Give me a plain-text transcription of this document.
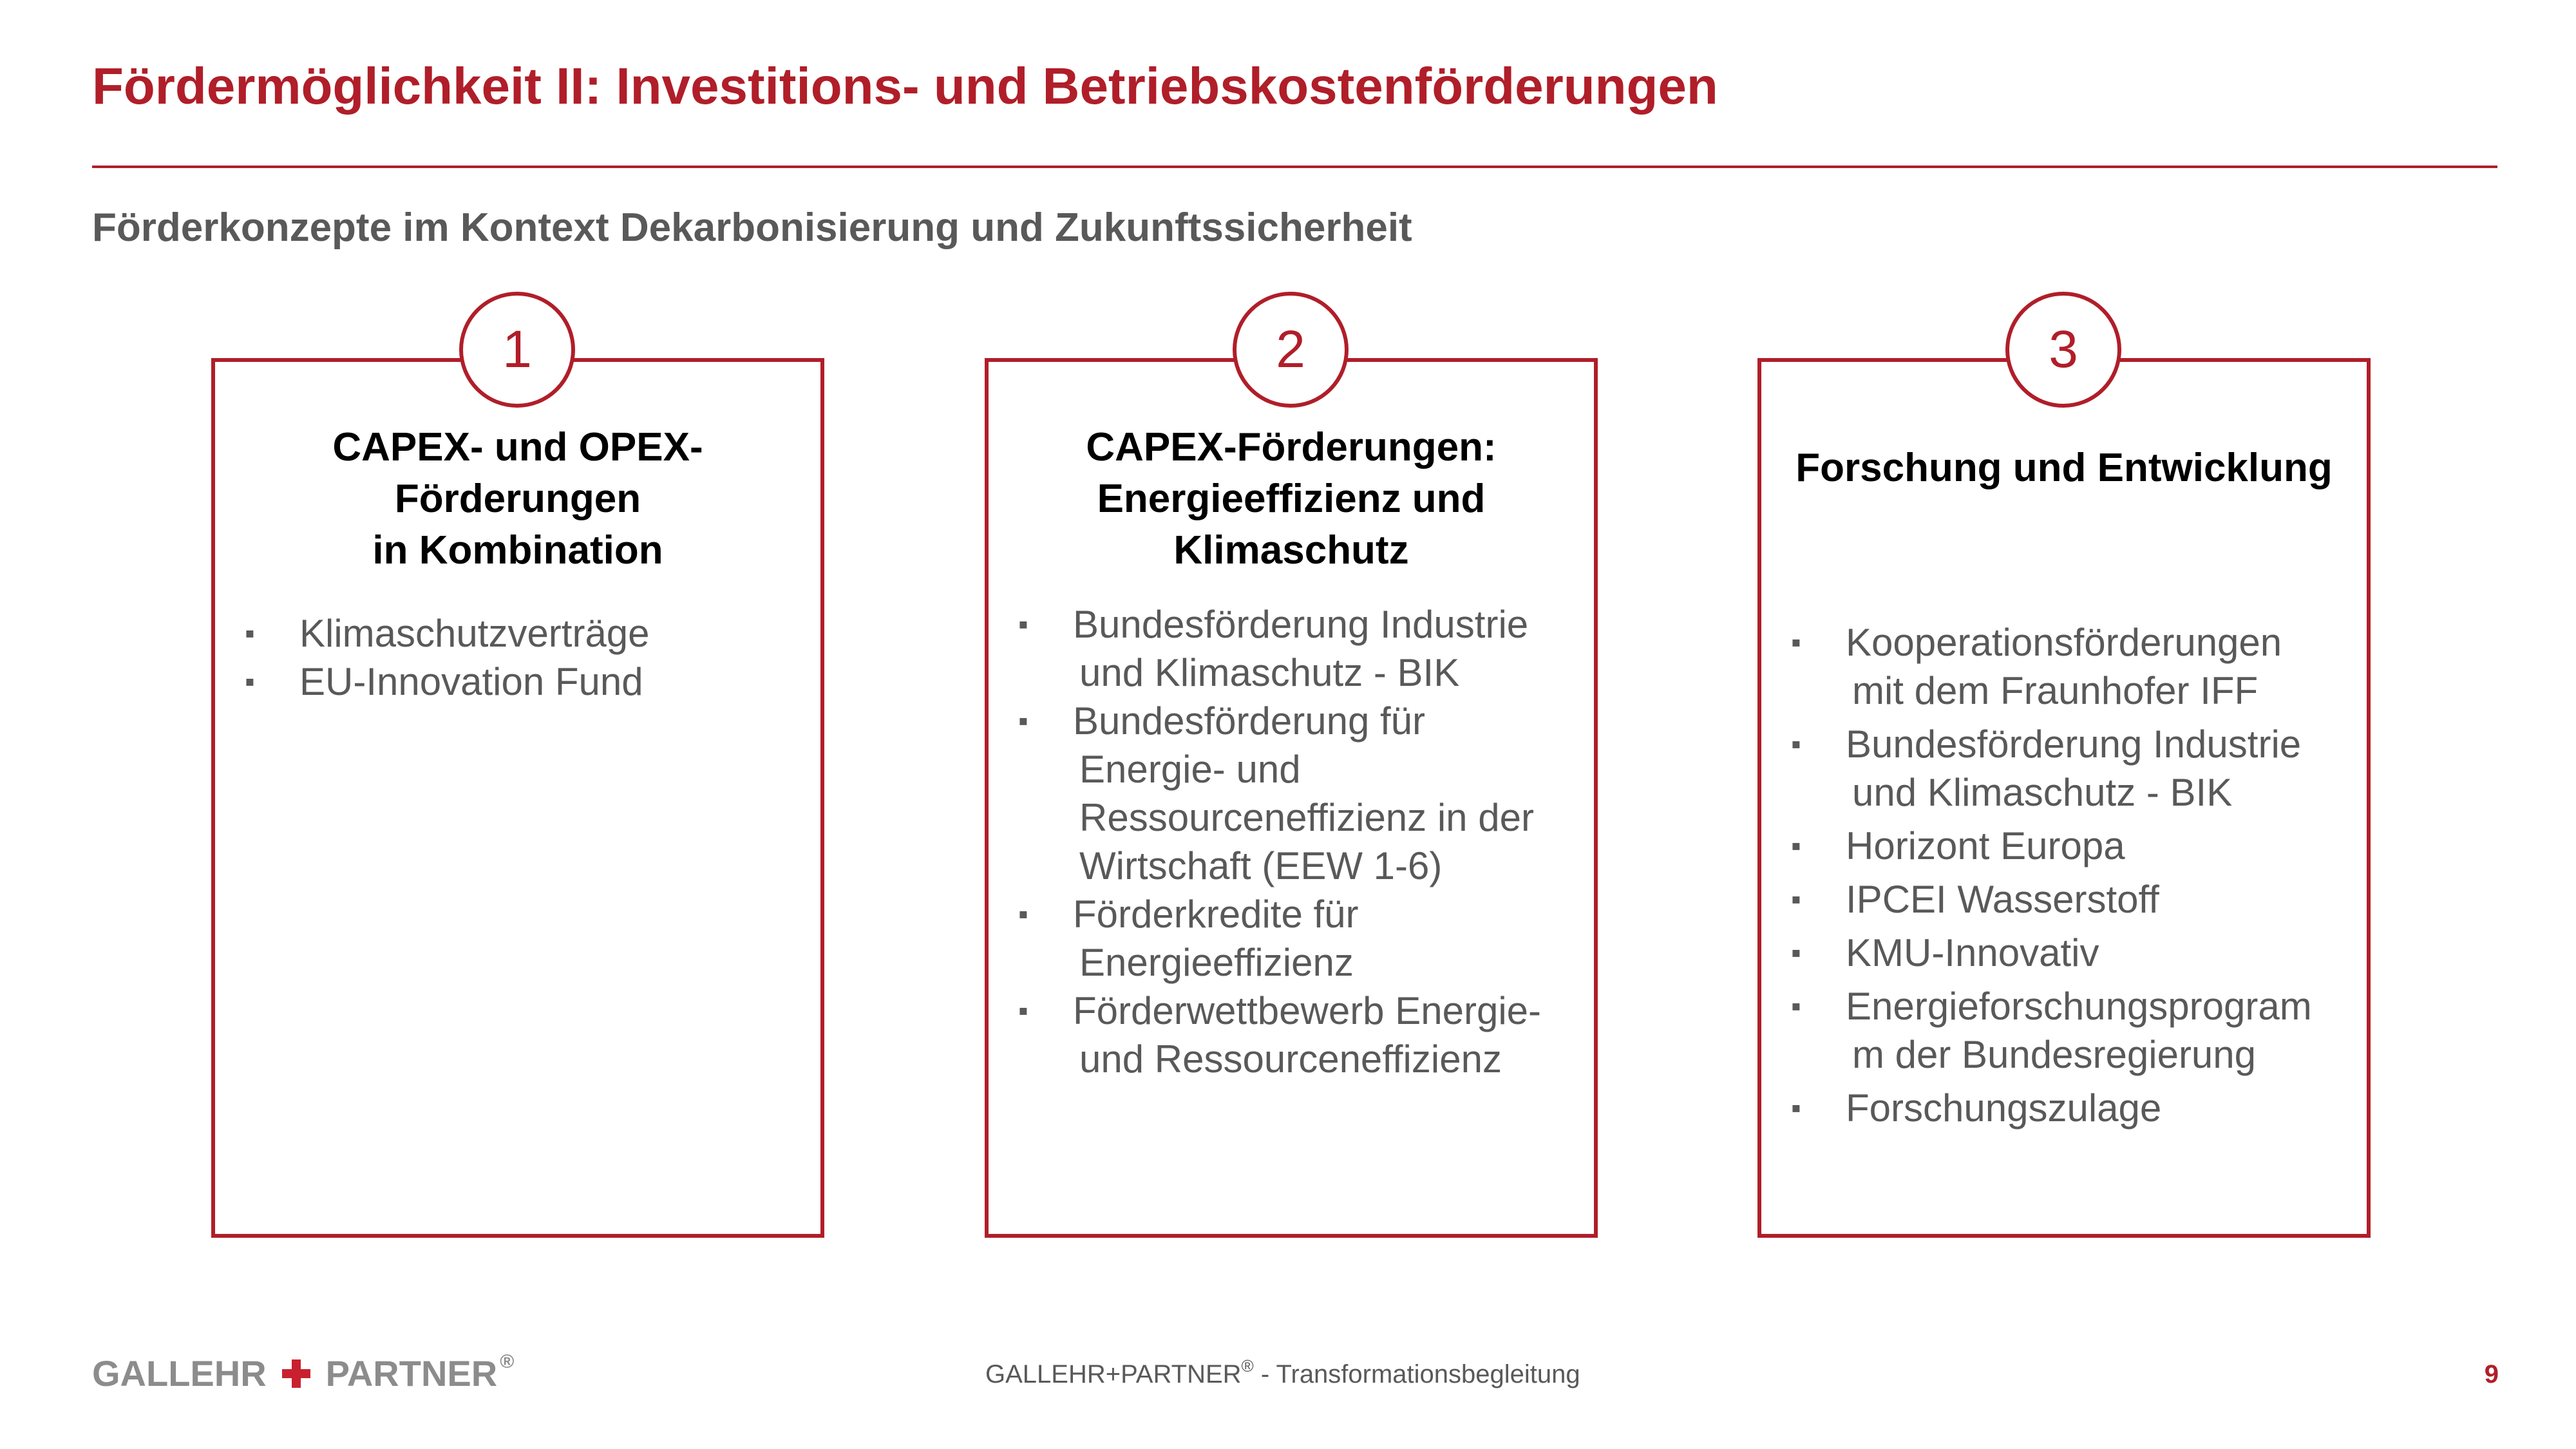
Fördermöglichkeit II: Investitions- und Betriebskostenförderungen
Förderkonzepte im Kontext Dekarbonisierung und Zukunftssicherheit
1	2	3
CAPEX- und OPEX-
Förderungen
in Kombination
▪ Klimaschutzverträge
▪ EU-Innovation Fund
CAPEX-Förderungen:
Energieeffizienz und
Klimaschutz
▪ Bundesförderung Industrie
und Klimaschutz - BIK
▪ Bundesförderung für
Energie- und
Ressourceneffizienz in der
Wirtschaft (EEW 1-6)
▪ Förderkredite für
Energieeffizienz
▪ Förderwettbewerb Energie-
und Ressourceneffizienz
Forschung und Entwicklung
▪ Kooperationsförderungen
mit dem Fraunhofer IFF
▪ Bundesförderung Industrie
und Klimaschutz - BIK
▪ Horizont Europa
▪ IPCEI Wasserstoff
▪ KMU-Innovativ
▪ Energieforschungsprogram
m der Bundesregierung
▪ Forschungszulage
GALLEHR PARTNER ®	GALLEHR+PARTNER® - Transformationsbegleitung	9
